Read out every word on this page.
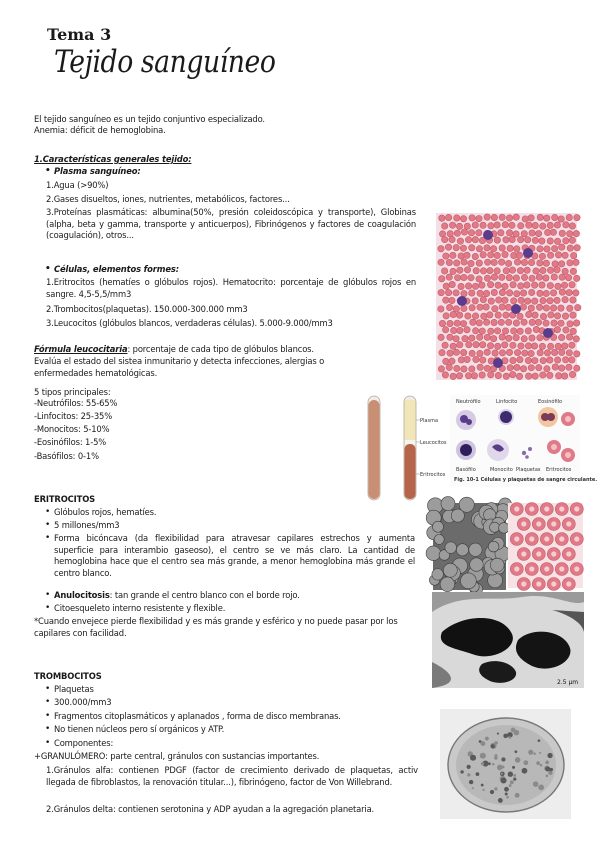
Tema 3
Tejido sanguíneo
El tejido sanguíneo es un tejido conjuntivo especializado.
Anemia: déficit de hemoglobina.
1.Características generales tejido:
• Plasma sanguíneo:
1.Agua (>90%)
2.Gases disueltos, iones, nutrientes, metabólicos, factores...
3.Proteínas plasmáticas: albumina(50%, presión coleidoscópica y transporte), Globinas (alpha, beta y gamma, transporte y anticuerpos), Fibrinógenos y factores de coagulación (coagulación), otros...
• Células, elementos formes:
1.Eritrocitos (hematíes o glóbulos rojos). Hematocrito: porcentaje de glóbulos rojos en sangre. 4,5-5,5/mm3
2.Trombocitos(plaquetas). 150.000-300.000 mm3
3.Leucocitos (glóbulos blancos, verdaderas células). 5.000-9.000/mm3
Fórmula leucocitaria: porcentaje de cada tipo de glóbulos blancos.
Evalúa el estado del sistea inmunitario y detecta infecciones, alergias o enfermedades hematológicas.
5 tipos principales:
-Neutrófilos: 55-65%
-Linfocitos: 25-35%
-Monocitos: 5-10%
-Eosinófilos: 1-5%
-Basófilos: 0-1%
Plasma
Leucocitos
Eritrocitos
Neutrófilo	Linfocito	Eosinófilo
Basófilo	Monocito Plaquetas Eritrocitos
Fig. 10-1 Células y plaquetas de sangre circulante.
ERITROCITOS
• Glóbulos rojos, hematíes.
• 5 millones/mm3
• Forma bicóncava (da flexibilidad para atravesar capilares estrechos y aumenta superficie para interambio gaseoso), el centro se ve más claro. La cantidad de hemoglobina hace que el centro sea más grande, a menor hemoglobina más grande el centro blanco.
• Anulocitosis: tan grande el centro blanco con el borde rojo.
• Citoesqueleto interno resistente y flexible.
*Cuando envejece pierde flexibilidad y es más grande y esférico y no puede pasar por los capilares con facilidad.
2.5 µm
TROMBOCITOS
• Plaquetas
• 300.000/mm3
• Fragmentos citoplasmáticos y aplanados , forma de disco membranas.
• No tienen núcleos pero sí orgánicos y ATP.
• Componentes:
+GRANULÓMERO: parte central, gránulos con sustancias importantes.
1.Gránulos alfa: contienen PDGF (factor de crecimiento derivado de plaquetas, activ llegada de fibroblastos, la renovación titular...), fibrinógeno, factor de Von Willebrand.
2.Gránulos delta: contienen serotonina y ADP ayudan a la agregación planetaria.
